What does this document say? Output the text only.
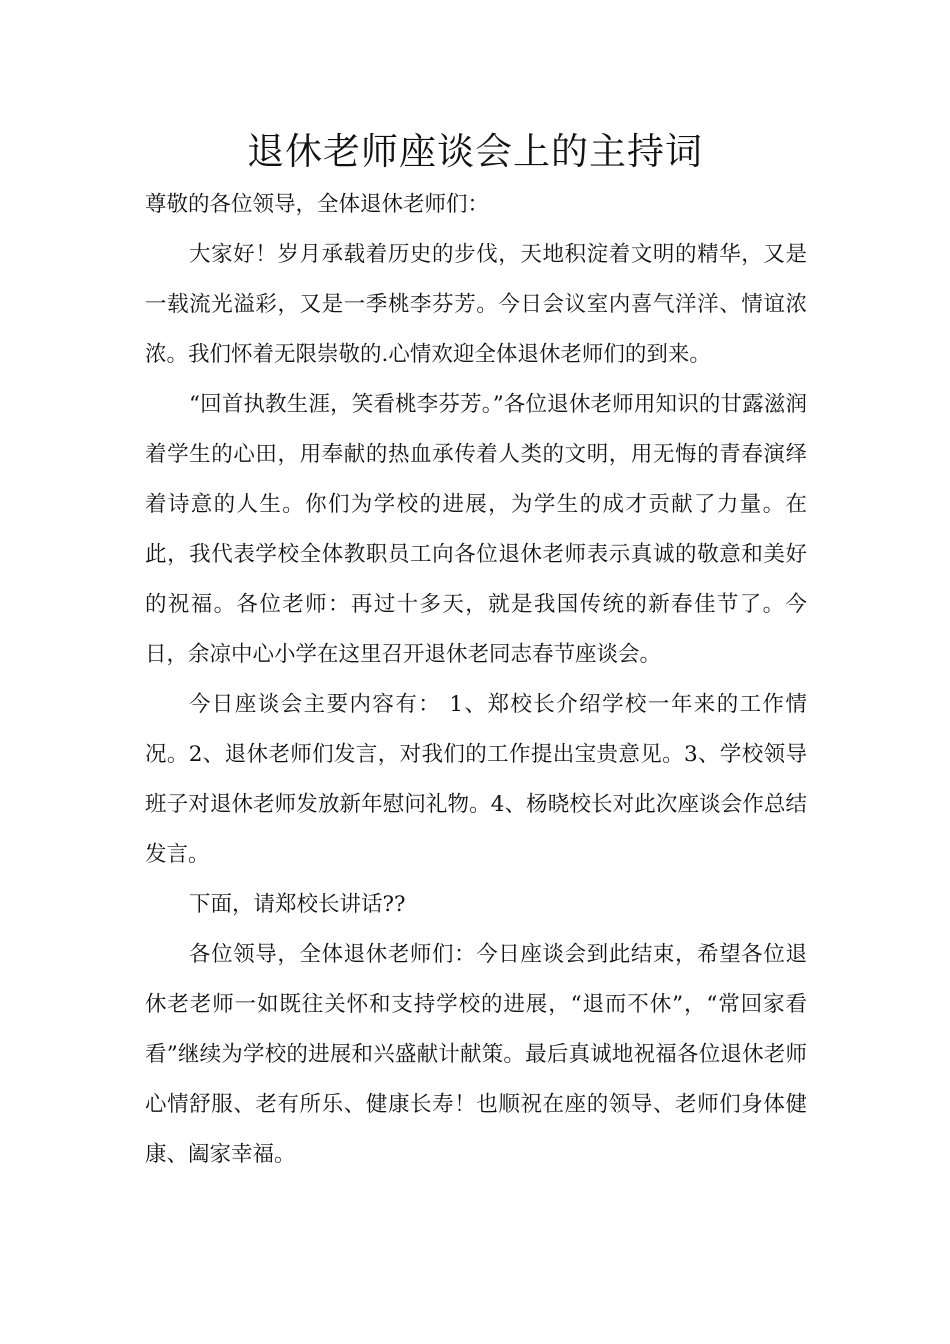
退休老师座谈会上的主持词

尊敬的各位领导，全体退休老师们：

大家好！岁月承载着历史的步伐，天地积淀着文明的精华，又是一载流光溢彩，又是一季桃李芬芳。今日会议室内喜气洋洋、情谊浓浓。我们怀着无限崇敬的.心情欢迎全体退休老师们的到来。

“回首执教生涯，笑看桃李芬芳。”各位退休老师用知识的甘露滋润着学生的心田，用奉献的热血承传着人类的文明，用无悔的青春演绎着诗意的人生。你们为学校的进展，为学生的成才贡献了力量。在此，我代表学校全体教职员工向各位退休老师表示真诚的敬意和美好的祝福。各位老师：再过十多天，就是我国传统的新春佳节了。今日，余凉中心小学在这里召开退休老同志春节座谈会。

今日座谈会主要内容有： 1、郑校长介绍学校一年来的工作情况。2、退休老师们发言，对我们的工作提出宝贵意见。3、学校领导班子对退休老师发放新年慰问礼物。4、杨晓校长对此次座谈会作总结发言。

下面，请郑校长讲话??

各位领导，全体退休老师们：今日座谈会到此结束，希望各位退休老老师一如既往关怀和支持学校的进展，“退而不休”，“常回家看看”继续为学校的进展和兴盛献计献策。最后真诚地祝福各位退休老师心情舒服、老有所乐、健康长寿！也顺祝在座的领导、老师们身体健康、阖家幸福。
